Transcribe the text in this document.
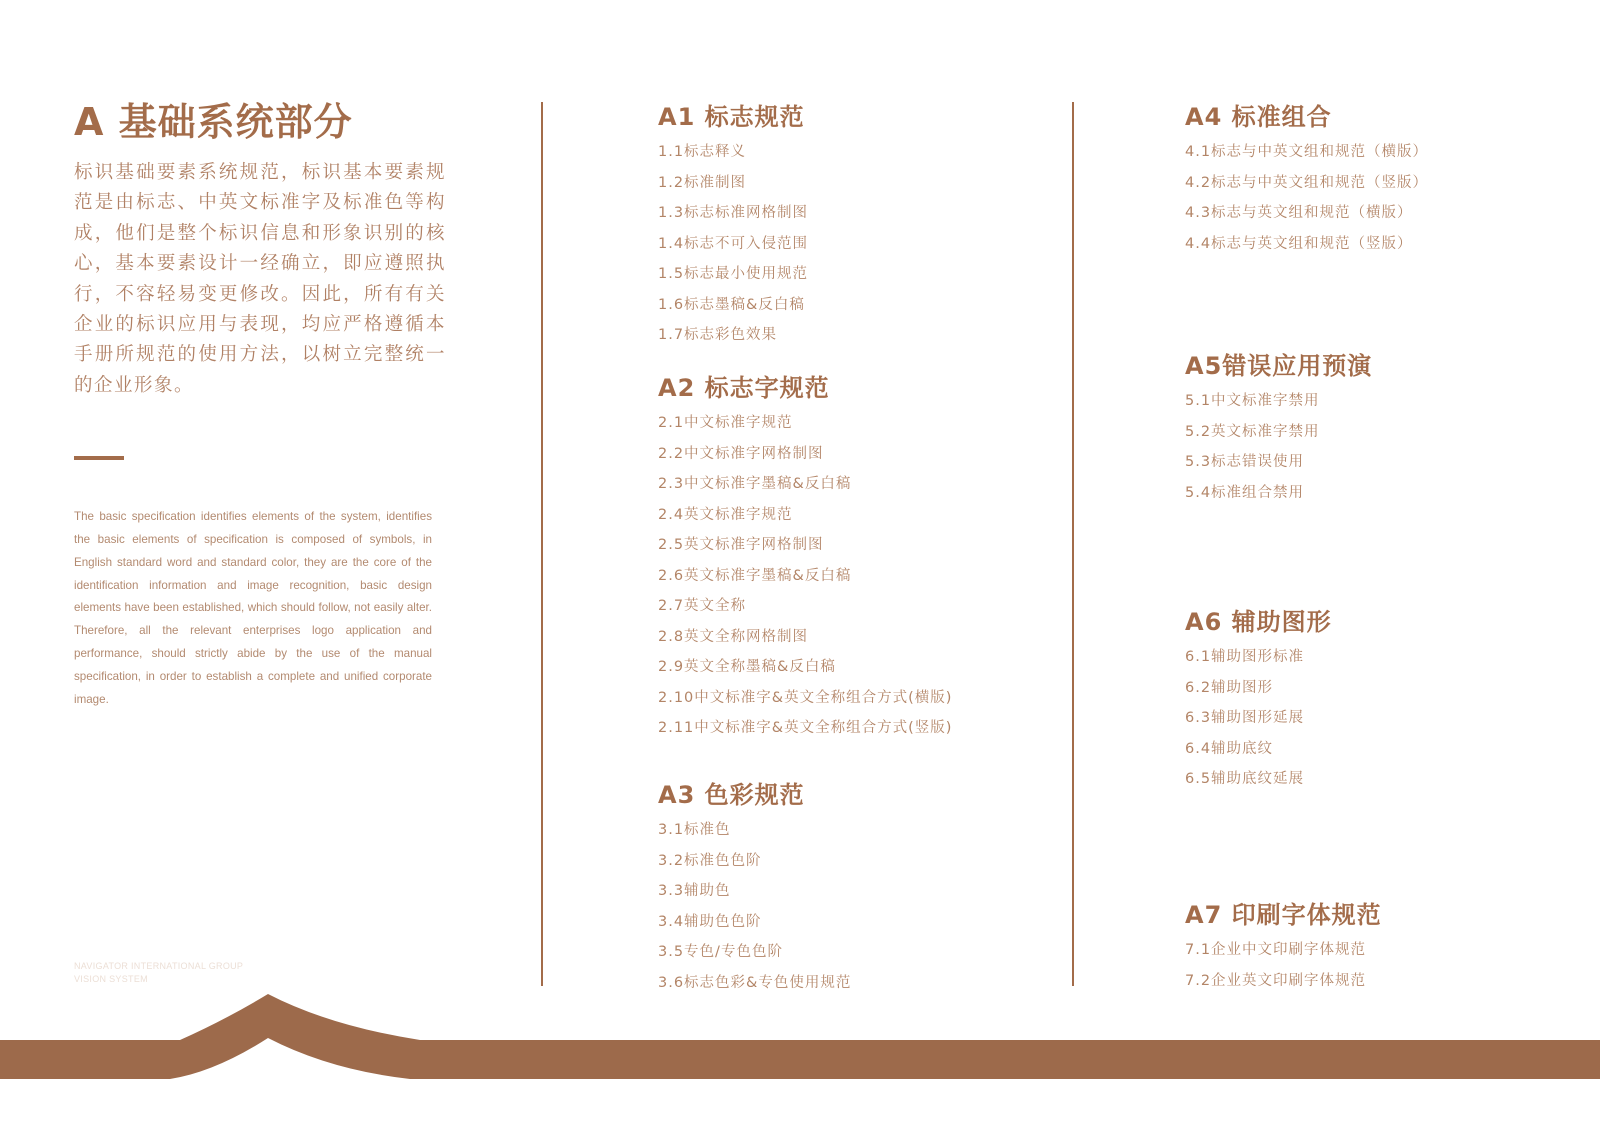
A 基础系统部分

标识基础要素系统规范，标识基本要素规范是由标志、中英文标准字及标准色等构成，他们是整个标识信息和形象识别的核心，基本要素设计一经确立，即应遵照执行，不容轻易变更修改。因此，所有有关企业的标识应用与表现，均应严格遵循本手册所规范的使用方法，以树立完整统一的企业形象。

The basic specification identifies elements of the system, identifies the basic elements of specification is composed of symbols, in English standard word and standard color, they are the core of the identification information and image recognition, basic design elements have been established, which should follow, not easily alter. Therefore, all the relevant enterprises logo application and performance, should strictly abide by the use of the manual specification, in order to establish a complete and unified corporate image.

NAVIGATOR INTERNATIONAL GROUP
VISION SYSTEM
A1 标志规范
1.1标志释义
1.2标准制图
1.3标志标准网格制图
1.4标志不可入侵范围
1.5标志最小使用规范
1.6标志墨稿&反白稿
1.7标志彩色效果
A2 标志字规范
2.1中文标准字规范
2.2中文标准字网格制图
2.3中文标准字墨稿&反白稿
2.4英文标准字规范
2.5英文标准字网格制图
2.6英文标准字墨稿&反白稿
2.7英文全称
2.8英文全称网格制图
2.9英文全称墨稿&反白稿
2.10中文标准字&英文全称组合方式(横版)
2.11中文标准字&英文全称组合方式(竖版)
A3 色彩规范
3.1标准色
3.2标准色色阶
3.3辅助色
3.4辅助色色阶
3.5专色/专色色阶
3.6标志色彩&专色使用规范
A4 标准组合
4.1标志与中英文组和规范（横版）
4.2标志与中英文组和规范（竖版）
4.3标志与英文组和规范（横版）
4.4标志与英文组和规范（竖版）
A5错误应用预演
5.1中文标准字禁用
5.2英文标准字禁用
5.3标志错误使用
5.4标准组合禁用
A6 辅助图形
6.1辅助图形标准
6.2辅助图形
6.3辅助图形延展
6.4辅助底纹
6.5辅助底纹延展
A7 印刷字体规范
7.1企业中文印刷字体规范
7.2企业英文印刷字体规范
